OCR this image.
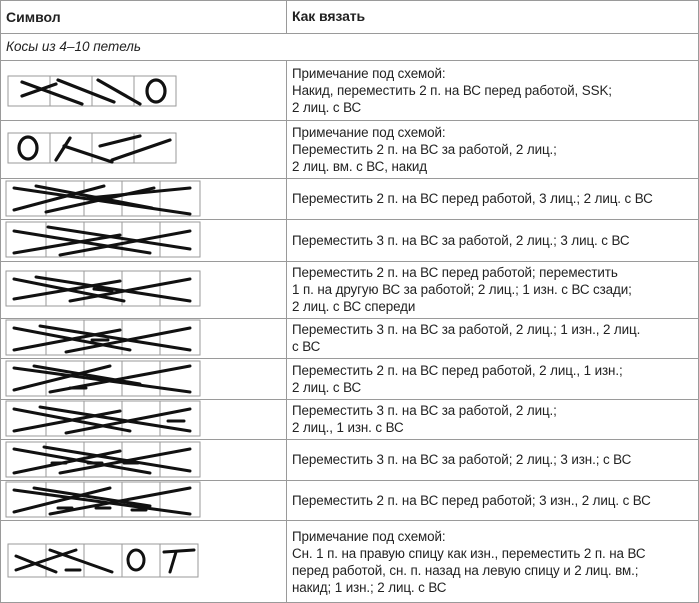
Символ	Как вязать
Косы из 4–10 петель
Примечание под схемой:
Накид, переместить 2 п. на ВС перед работой, SSK;
2 лиц. с ВС
Примечание под схемой:
Переместить 2 п. на ВС за работой, 2 лиц.;
2 лиц. вм. с ВС, накид
Переместить 2 п. на ВС перед работой, 3 лиц.; 2 лиц. с ВС
Переместить 3 п. на ВС за работой, 2 лиц.; 3 лиц. с ВС
Переместить 2 п. на ВС перед работой; переместить
1 п. на другую ВС за работой; 2 лиц.; 1 изн. с ВС сзади;
2 лиц. с ВС спереди
Переместить 3 п. на ВС за работой, 2 лиц.; 1 изн., 2 лиц.
с ВС
Переместить 2 п. на ВС перед работой, 2 лиц., 1 изн.;
2 лиц. с ВС
Переместить 3 п. на ВС за работой, 2 лиц.;
2 лиц., 1 изн. с ВС
Переместить 3 п. на ВС за работой; 2 лиц.; 3 изн.; с ВС
Переместить 2 п. на ВС перед работой; 3 изн., 2 лиц. с ВС
Примечание под схемой:
Сн. 1 п. на правую спицу как изн., переместить 2 п. на ВС
перед работой, сн. п. назад на левую спицу и 2 лиц. вм.;
накид; 1 изн.; 2 лиц. с ВС
